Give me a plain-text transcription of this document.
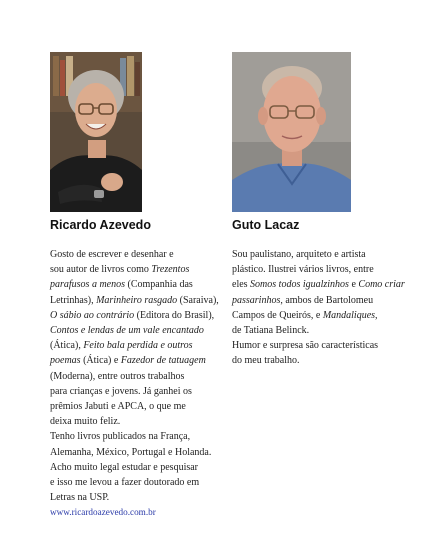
Ricardo Azevedo
Gosto de escrever e desenhar e
sou autor de livros como Trezentos
parafusos a menos (Companhia das
Letrinhas), Marinheiro rasgado (Saraiva),
O sábio ao contrário (Editora do Brasil),
Contos e lendas de um vale encantado
(Ática), Feito bala perdida e outros
poemas (Ática) e Fazedor de tatuagem
(Moderna), entre outros trabalhos
para crianças e jovens. Já ganhei os
prêmios Jabuti e APCA, o que me
deixa muito feliz.
Tenho livros publicados na França,
Alemanha, México, Portugal e Holanda.
Acho muito legal estudar e pesquisar
e isso me levou a fazer doutorado em
Letras na USP.
www.ricardoazevedo.com.br
Guto Lacaz
Sou paulistano, arquiteto e artista
plástico. Ilustrei vários livros, entre
eles Somos todos igualzinhos e Como criar
passarinhos, ambos de Bartolomeu
Campos de Queirós, e Mandaliques,
de Tatiana Belinck.
Humor e surpresa são características
do meu trabalho.
